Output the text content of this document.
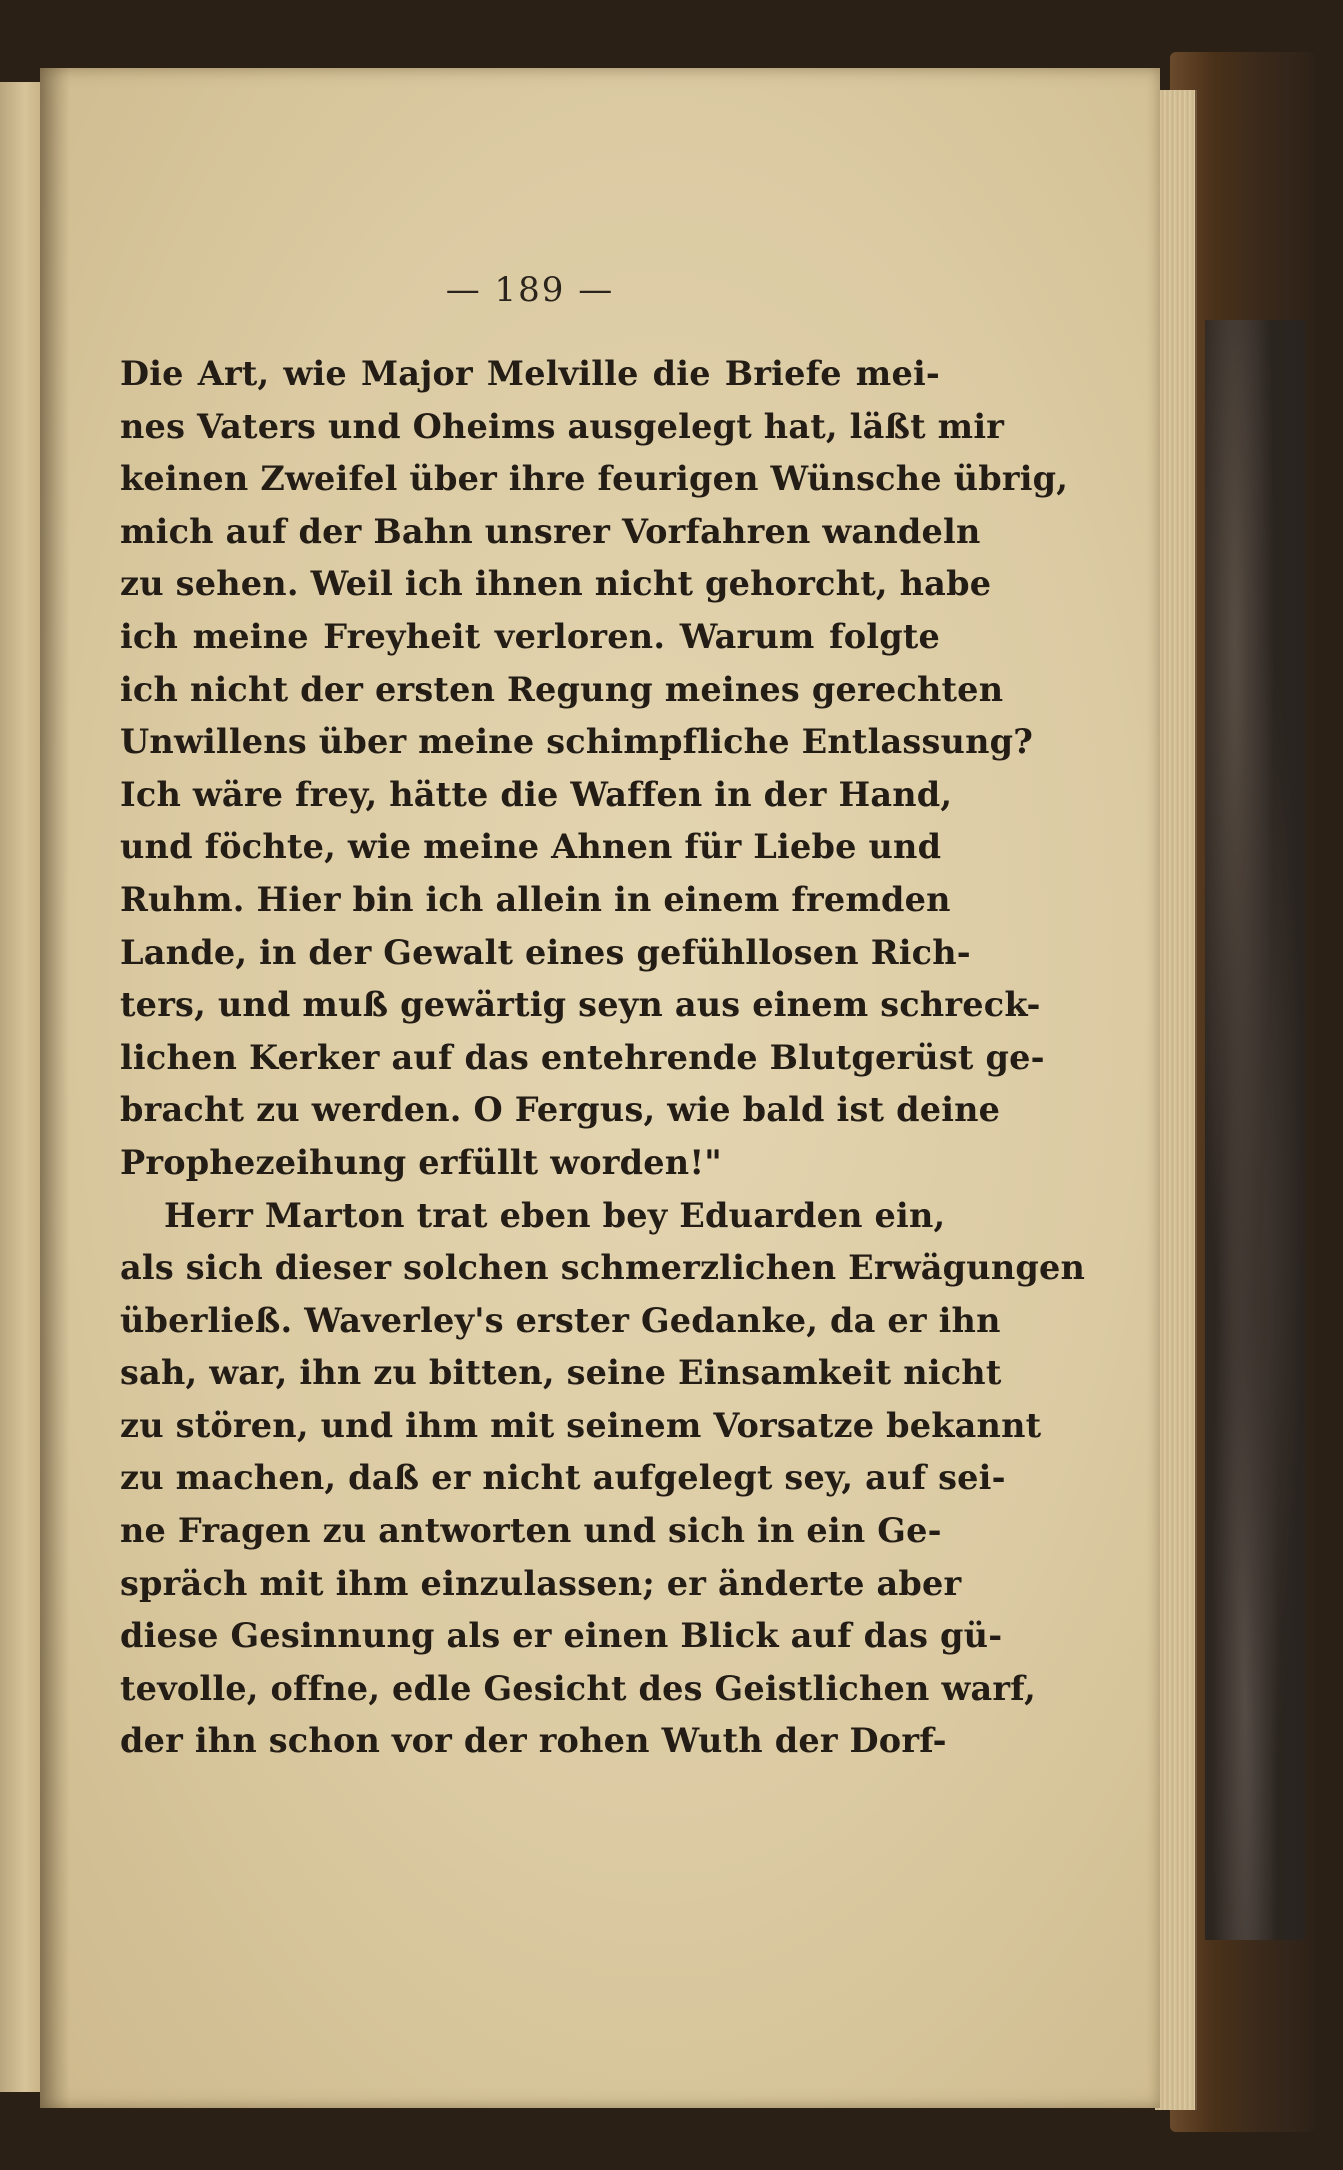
— 189 —
Die Art, wie Major Melville die Briefe mei-
nes Vaters und Oheims ausgelegt hat, läßt mir
keinen Zweifel über ihre feurigen Wünsche übrig,
mich auf der Bahn unsrer Vorfahren wandeln
zu sehen. Weil ich ihnen nicht gehorcht, habe
ich meine Freyheit verloren. Warum folgte
ich nicht der ersten Regung meines gerechten
Unwillens über meine schimpfliche Entlassung?
Ich wäre frey, hätte die Waffen in der Hand,
und föchte, wie meine Ahnen für Liebe und
Ruhm. Hier bin ich allein in einem fremden
Lande, in der Gewalt eines gefühllosen Rich-
ters, und muß gewärtig seyn aus einem schreck-
lichen Kerker auf das entehrende Blutgerüst ge-
bracht zu werden. O Fergus, wie bald ist deine
Prophezeihung erfüllt worden!"
Herr Marton trat eben bey Eduarden ein,
als sich dieser solchen schmerzlichen Erwägungen
überließ. Waverley's erster Gedanke, da er ihn
sah, war, ihn zu bitten, seine Einsamkeit nicht
zu stören, und ihm mit seinem Vorsatze bekannt
zu machen, daß er nicht aufgelegt sey, auf sei-
ne Fragen zu antworten und sich in ein Ge-
spräch mit ihm einzulassen; er änderte aber
diese Gesinnung als er einen Blick auf das gü-
tevolle, offne, edle Gesicht des Geistlichen warf,
der ihn schon vor der rohen Wuth der Dorf-
